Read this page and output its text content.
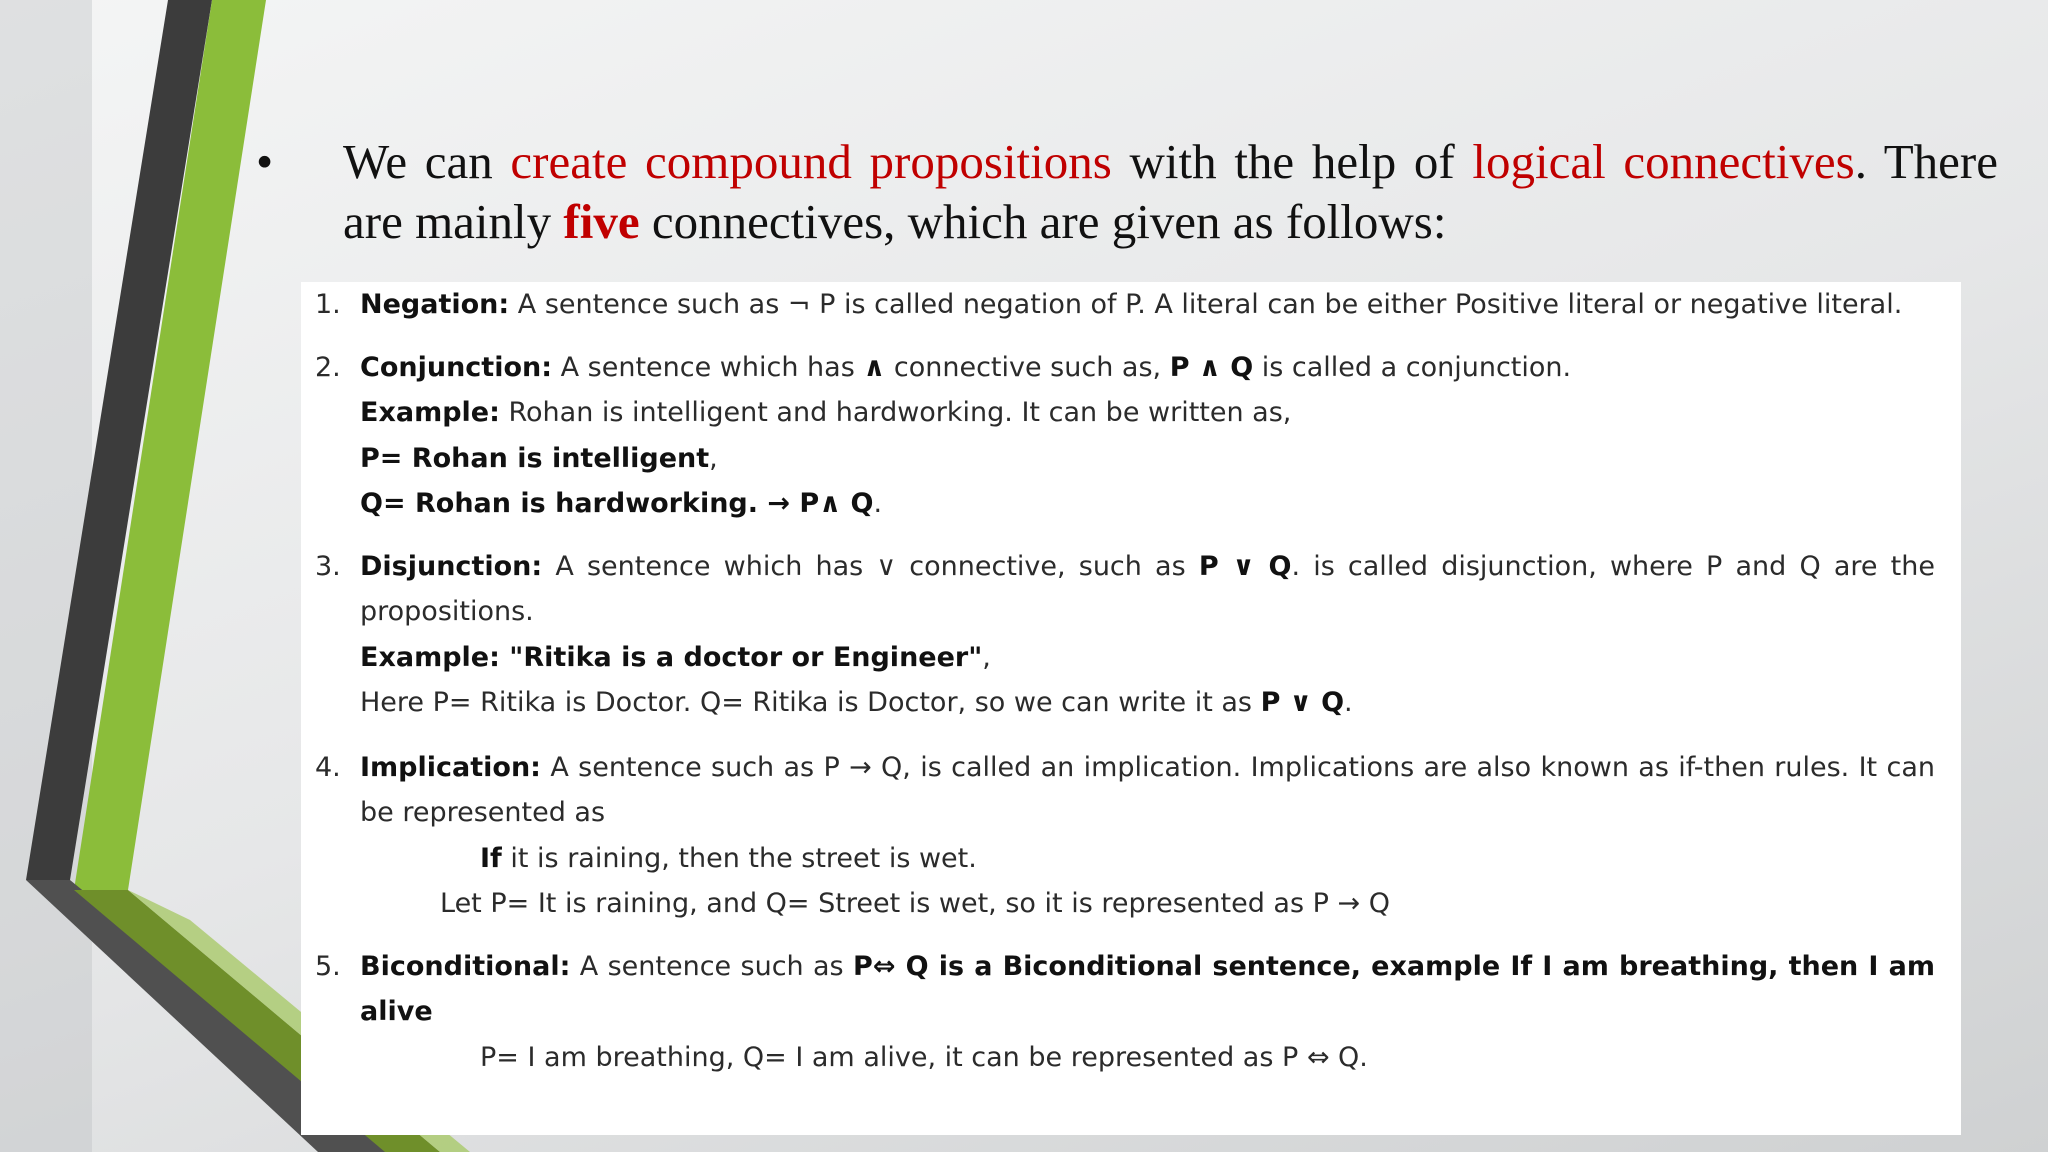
• We can create compound propositions with the help of logical connectives. There are mainly five connectives, which are given as follows:
1. Negation: A sentence such as ¬ P is called negation of P. A literal can be either Positive literal or negative literal.
2. Conjunction: A sentence which has ∧ connective such as, P ∧ Q is called a conjunction.
Example: Rohan is intelligent and hardworking. It can be written as,
P= Rohan is intelligent,
Q= Rohan is hardworking. → P∧ Q.
3. Disjunction: A sentence which has ∨ connective, such as P ∨ Q. is called disjunction, where P and Q are the propositions.
Example: "Ritika is a doctor or Engineer",
Here P= Ritika is Doctor. Q= Ritika is Doctor, so we can write it as P ∨ Q.
4. Implication: A sentence such as P → Q, is called an implication. Implications are also known as if-then rules. It can be represented as
If it is raining, then the street is wet.
Let P= It is raining, and Q= Street is wet, so it is represented as P → Q
5. Biconditional: A sentence such as P⇔ Q is a Biconditional sentence, example If I am breathing, then I am alive
P= I am breathing, Q= I am alive, it can be represented as P ⇔ Q.
